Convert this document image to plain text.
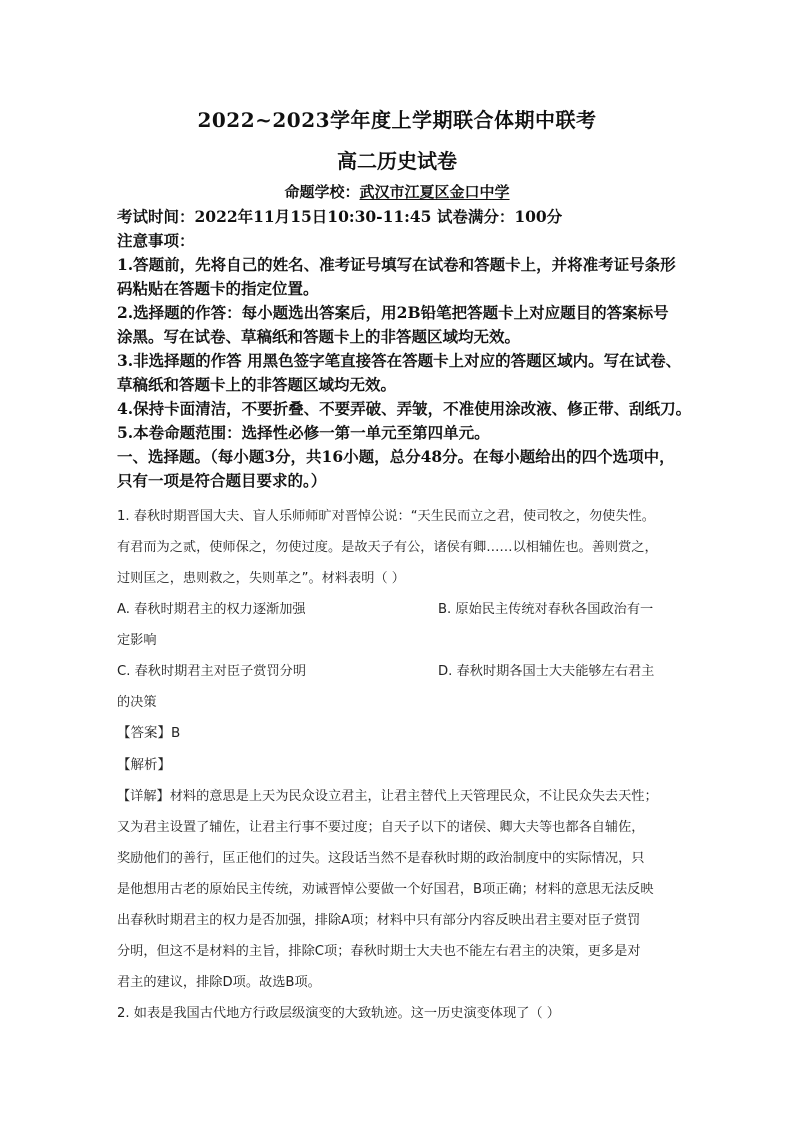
2022~2023学年度上学期联合体期中联考
高二历史试卷
命题学校：武汉市江夏区金口中学
考试时间：2022年11月15日10:30-11:45 试卷满分：100分
注意事项：
1.答题前，先将自己的姓名、准考证号填写在试卷和答题卡上，并将准考证号条形
码粘贴在答题卡的指定位置。
2.选择题的作答：每小题选出答案后，用2B铅笔把答题卡上对应题目的答案标号
涂黑。写在试卷、草稿纸和答题卡上的非答题区域均无效。
3.非选择题的作答 用黑色签字笔直接答在答题卡上对应的答题区域内。写在试卷、
草稿纸和答题卡上的非答题区域均无效。
4.保持卡面清洁，不要折叠、不要弄破、弄皱，不准使用涂改液、修正带、刮纸刀。
5.本卷命题范围：选择性必修一第一单元至第四单元。
一、选择题。（每小题3分，共16小题，总分48分。在每小题给出的四个选项中，
只有一项是符合题目要求的。）
1. 春秋时期晋国大夫、盲人乐师师旷对晋悼公说：“天生民而立之君，使司牧之，勿使失性。
有君而为之贰，使师保之，勿使过度。是故天子有公，诸侯有卿……以相辅佐也。善则赏之，
过则匡之，患则救之，失则革之”。材料表明（ ）
A. 春秋时期君主的权力逐渐加强	B. 原始民主传统对春秋各国政治有一
定影响
C. 春秋时期君主对臣子赏罚分明	D. 春秋时期各国士大夫能够左右君主
的决策
【答案】B
【解析】
【详解】材料的意思是上天为民众设立君主，让君主替代上天管理民众，不让民众失去天性；
又为君主设置了辅佐，让君主行事不要过度；自天子以下的诸侯、卿大夫等也都各自辅佐，
奖励他们的善行，匡正他们的过失。这段话当然不是春秋时期的政治制度中的实际情况，只
是他想用古老的原始民主传统，劝诫晋悼公要做一个好国君，B项正确；材料的意思无法反映
出春秋时期君主的权力是否加强，排除A项；材料中只有部分内容反映出君主要对臣子赏罚
分明，但这不是材料的主旨，排除C项；春秋时期士大夫也不能左右君主的决策，更多是对
君主的建议，排除D项。故选B项。
2. 如表是我国古代地方行政层级演变的大致轨迹。这一历史演变体现了（ ）
